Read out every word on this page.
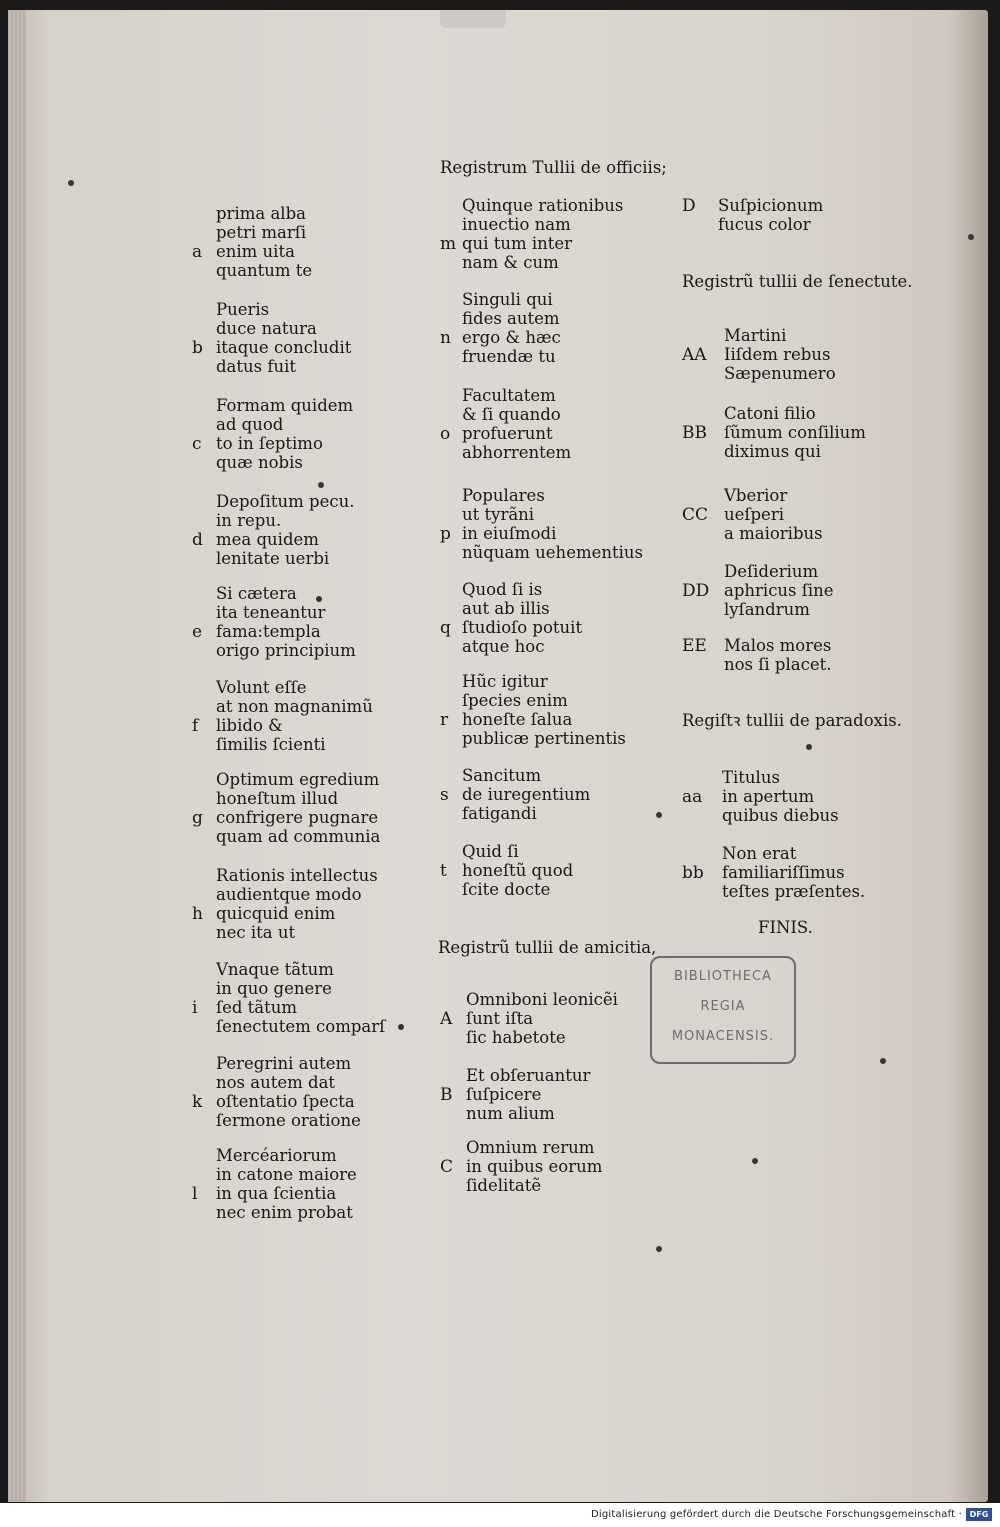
Registrum Tullii de officiis;
Registrũ tullii de ſenectute.
Regiſtꝛ tullii de paradoxis.
Registrũ tullii de amicitia,
a
prima alba
petri marſi
enim uita
quantum te
b
Pueris
duce natura
itaque concludit
datus fuit
c
Formam quidem
ad quod
to in ſeptimo
quæ nobis
d
Depoſitum pecu.
in repu.
mea quidem
lenitate uerbi
e
Si cætera
ita teneantur
fama:templa
origo principium
f
Volunt eſſe
at non magnanimũ
libido &
ſimilis ſcienti
g
Optimum egredium
honeſtum illud
confrigere pugnare
quam ad communia
h
Rationis intellectus
audientque modo
quicquid enim
nec ita ut
i
Vnaque tãtum
in quo genere
ſed tãtum
ſenectutem comparſ
k
Peregrini autem
nos autem dat
oſtentatio ſpecta
ſermone oratione
l
Mercéariorum
in catone maiore
in qua ſcientia
nec enim probat
m
Quinque rationibus
inuectio nam
qui tum inter
nam & cum
n
Singuli qui
fides autem
ergo & hæc
fruendæ tu
o
Facultatem
& ſi quando
profuerunt
abhorrentem
p
Populares
ut tyrãni
in eiuſmodi
nũquam uehementius
q
Quod ſi is
aut ab illis
ſtudioſo potuit
atque hoc
r
Hũc igitur
ſpecies enim
honeſte ſalua
publicæ pertinentis
s
Sancitum
de iuregentium
fatigandi
t
Quid ſi
honeſtũ quod
ſcite docte
A
Omniboni leonicẽi
ſunt iſta
ſic habetote
B
Et obſeruantur
ſuſpicere
num alium
C
Omnium rerum
in quibus eorum
ſidelitatẽ
D Suſpicionum
fucus color
AA
Martini
Iiſdem rebus
Sæpenumero
BB
Catoni filio
ſũmum conſilium
diximus qui
CC
Vberior
ueſperi
a maioribus
DD
Deſiderium
aphricus ſine
lyſandrum
EE Malos mores
nos ſi placet.
aa
Titulus
in apertum
quibus diebus
bb
Non erat
familiariſſimus
teſtes præſentes.
FINIS.
BIBLIOTHECA
REGIA
MONACENSIS.
Digitalisierung gefördert durch die Deutsche Forschungsgemeinschaft · DFG
